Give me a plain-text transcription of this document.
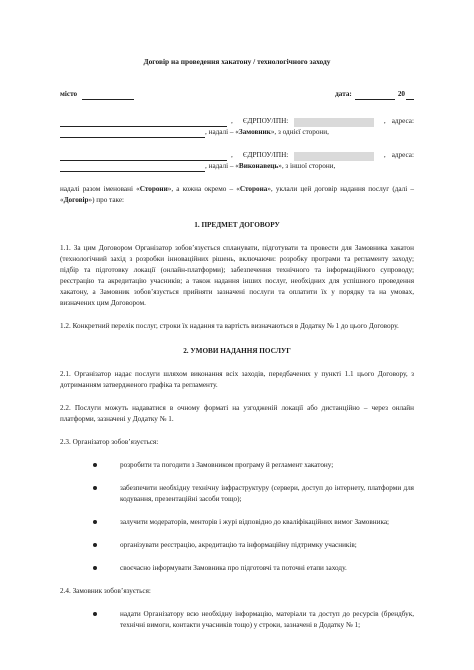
Договір на проведення хакатону / технологічного заходу

місто	дата:	20
, ЄДРПОУ/ІПН:	, адреса:
, надалі – « Замовник », з однієї сторони,
, ЄДРПОУ/ІПН:	, адреса:
, надалі – « Виконавець », з іншої сторони,

надалі разом іменовані «Сторони», а кожна окремо – «Сторона», уклали цей договір надання послуг (далі – «Договір») про таке:

1. ПРЕДМЕТ ДОГОВОРУ

1.1. За цим Договором Організатор зобов’язується спланувати, підготувати та провести для Замовника хакатон (технологічний захід з розробки інноваційних рішень, включаючи: розробку програми та регламенту заходу; підбір та підготовку локації (онлайн-платформи); забезпечення технічного та інформаційного супроводу; реєстрацію та акредитацію учасників; а також надання інших послуг, необхідних для успішного проведення хакатону, а Замовник зобов’язується прийняти зазначені послуги та оплатити їх у порядку та на умовах, визначених цим Договором.

1.2. Конкретний перелік послуг, строки їх надання та вартість визначаються в Додатку № 1 до цього Договору.

2. УМОВИ НАДАННЯ ПОСЛУГ

2.1. Організатор надає послуги шляхом виконання всіх заходів, передбачених у пункті 1.1 цього Договору, з дотриманням затвердженого графіка та регламенту.

2.2. Послуги можуть надаватися в очному форматі на узгодженій локації або дистанційно – через онлайн платформи, зазначені у Додатку № 1.

2.3. Організатор зобов’язується:

розробити та погодити з Замовником програму й регламент хакатону;
забезпечити необхідну технічну інфраструктуру (сервери, доступ до інтернету, платформи для кодування, презентаційні засоби тощо);
залучити модераторів, менторів і журі відповідно до кваліфікаційних вимог Замовника;
організувати реєстрацію, акредитацію та інформаційну підтримку учасників;
своєчасно інформувати Замовника про підготовчі та поточні етапи заходу.

2.4. Замовник зобов’язується:

надати Організатору всю необхідну інформацію, матеріали та доступ до ресурсів (брендбук, технічні вимоги, контакти учасників тощо) у строки, зазначені в Додатку № 1;
